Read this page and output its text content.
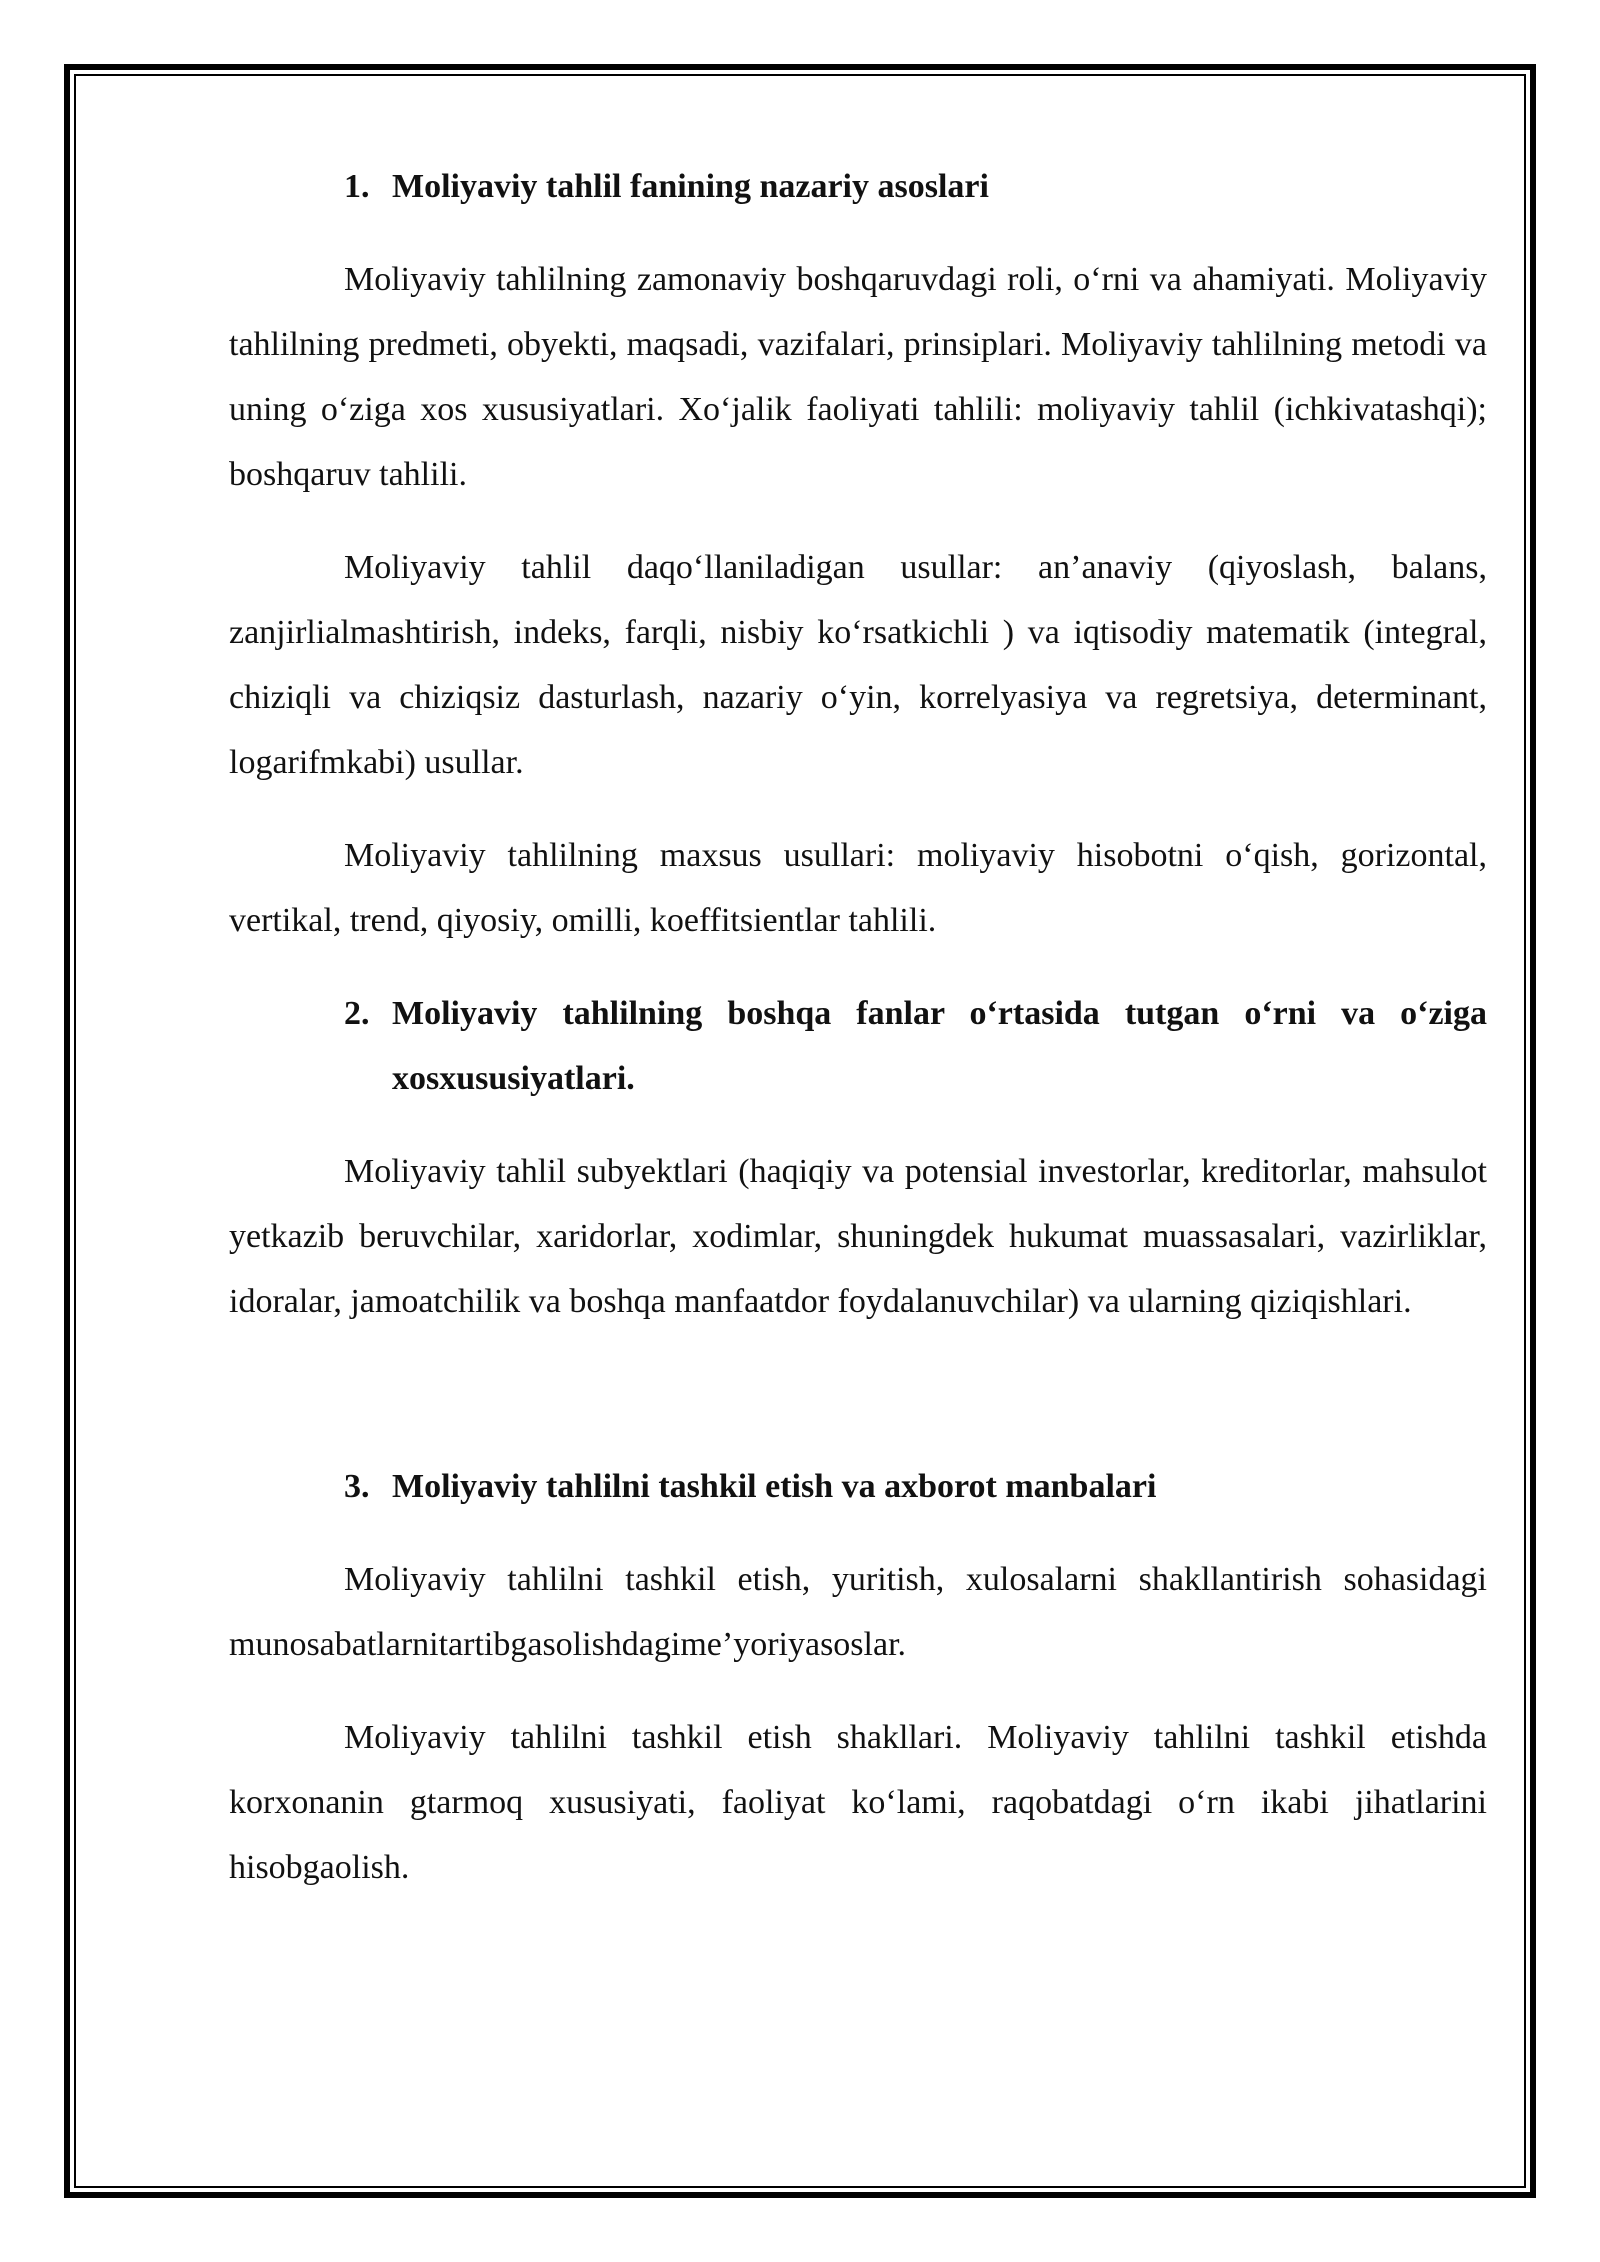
1. Moliyaviy tahlil fanining nazariy asoslari

Moliyaviy tahlilning zamonaviy boshqaruvdagi roli, o‘rni va ahamiyati. Moliyaviy tahlilning predmeti, obyekti, maqsadi, vazifalari, prinsiplari. Moliyaviy tahlilning metodi va uning o‘ziga xos xususiyatlari. Xo‘jalik faoliyati tahlili: moliyaviy tahlil (ichkivatashqi); boshqaruv tahlili.

Moliyaviy tahlil daqo‘llaniladigan usullar: an’anaviy (qiyoslash, balans, zanjirlialmashtirish, indeks, farqli, nisbiy ko‘rsatkichli ) va iqtisodiy matematik (integral, chiziqli va chiziqsiz dasturlash, nazariy o‘yin, korrelyasiya va regretsiya, determinant, logarifmkabi) usullar.

Moliyaviy tahlilning maxsus usullari: moliyaviy hisobotni o‘qish, gorizontal, vertikal, trend, qiyosiy, omilli, koeffitsientlar tahlili.

2. Moliyaviy tahlilning boshqa fanlar o‘rtasida tutgan o‘rni va o‘ziga xosxususiyatlari.

Moliyaviy tahlil subyektlari (haqiqiy va potensial investorlar, kreditorlar, mahsulot yetkazib beruvchilar, xaridorlar, xodimlar, shuningdek hukumat muassasalari, vazirliklar, idoralar, jamoatchilik va boshqa manfaatdor foydalanuvchilar) va ularning qiziqishlari.

3. Moliyaviy tahlilni tashkil etish va axborot manbalari

Moliyaviy tahlilni tashkil etish, yuritish, xulosalarni shakllantirish sohasidagi munosabatlarnitartibgasolishdagime’yoriyasoslar.

Moliyaviy tahlilni tashkil etish shakllari. Moliyaviy tahlilni tashkil etishda korxonanin gtarmoq xususiyati, faoliyat ko‘lami, raqobatdagi o‘rn ikabi jihatlarini hisobgaolish.
